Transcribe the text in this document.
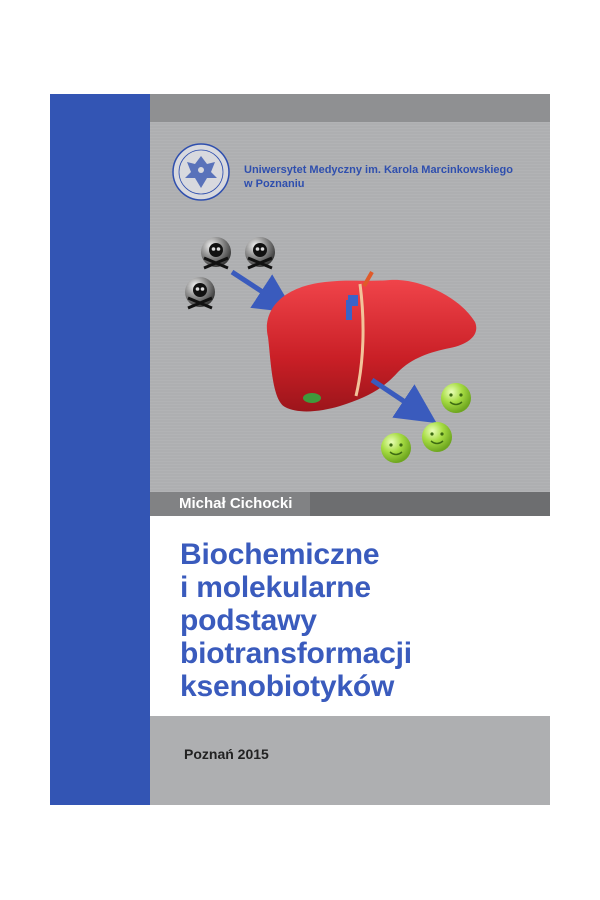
Uniwersytet Medyczny im. Karola Marcinkowskiego
w Poznaniu
Michał Cichocki
Biochemiczne
i molekularne
podstawy
biotransformacji
ksenobiotyków
Poznań 2015
